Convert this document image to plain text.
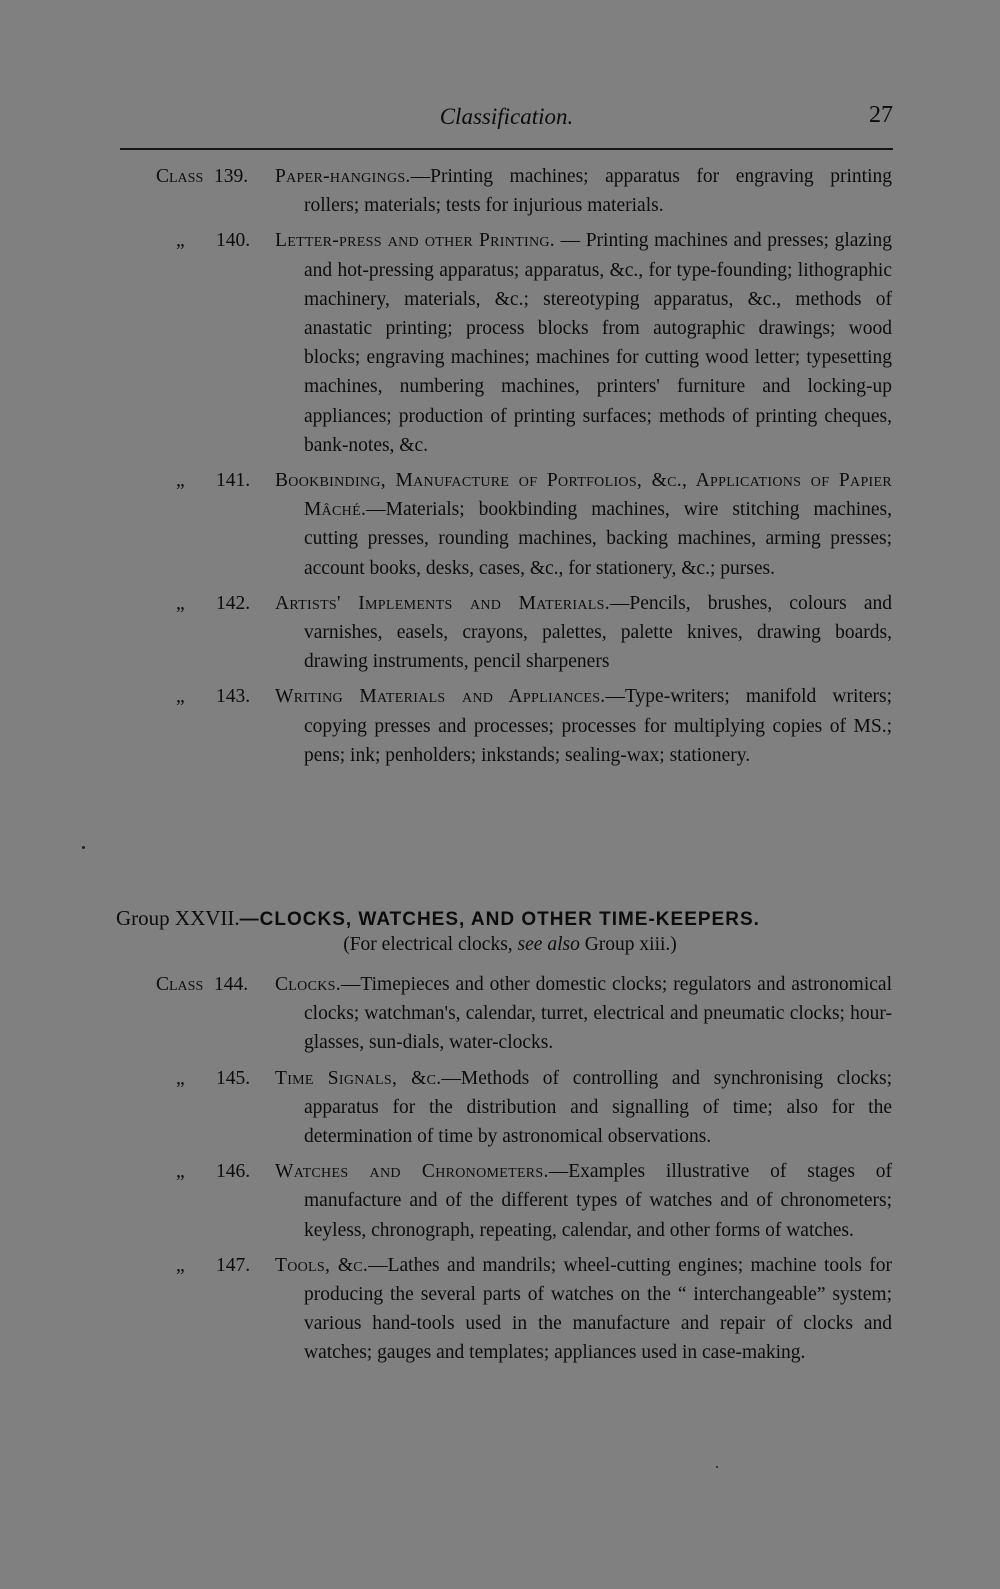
Classification.	27
Class 139. Paper-hangings.—Printing machines; apparatus for engraving printing rollers; materials; tests for injurious materials.
„ 140. Letter-press and other Printing. — Printing machines and presses; glazing and hot-pressing apparatus; apparatus, &c., for type-founding; lithographic machinery, materials, &c.; stereotyping apparatus, &c., methods of anastatic printing; process blocks from autographic drawings; wood blocks; engraving machines; machines for cutting wood letter; typesetting machines, numbering machines, printers' furniture and locking-up appliances; production of printing surfaces; methods of printing cheques, bank-notes, &c.
„ 141. Bookbinding, Manufacture of Portfolios, &c., Applications of Papier Mâché.—Materials; bookbinding machines, wire stitching machines, cutting presses, rounding machines, backing machines, arming presses; account books, desks, cases, &c., for stationery, &c.; purses.
„ 142. Artists' Implements and Materials.—Pencils, brushes, colours and varnishes, easels, crayons, palettes, palette knives, drawing boards, drawing instruments, pencil sharpeners
„ 143. Writing Materials and Appliances.—Type-writers; manifold writers; copying presses and processes; processes for multiplying copies of MS.; pens; ink; penholders; inkstands; sealing-wax; stationery.
Group XXVII.—CLOCKS, WATCHES, AND OTHER TIME-KEEPERS.
(For electrical clocks, see also Group xiii.)
Class 144. Clocks.—Timepieces and other domestic clocks; regulators and astronomical clocks; watchman's, calendar, turret, electrical and pneumatic clocks; hour-glasses, sun-dials, water-clocks.
„ 145. Time Signals, &c.—Methods of controlling and synchronising clocks; apparatus for the distribution and signalling of time; also for the determination of time by astronomical observations.
„ 146. Watches and Chronometers.—Examples illustrative of stages of manufacture and of the different types of watches and of chronometers; keyless, chronograph, repeating, calendar, and other forms of watches.
„ 147. Tools, &c.—Lathes and mandrils; wheel-cutting engines; machine tools for producing the several parts of watches on the “ interchangeable” system; various hand-tools used in the manufacture and repair of clocks and watches; gauges and templates; appliances used in case-making.
